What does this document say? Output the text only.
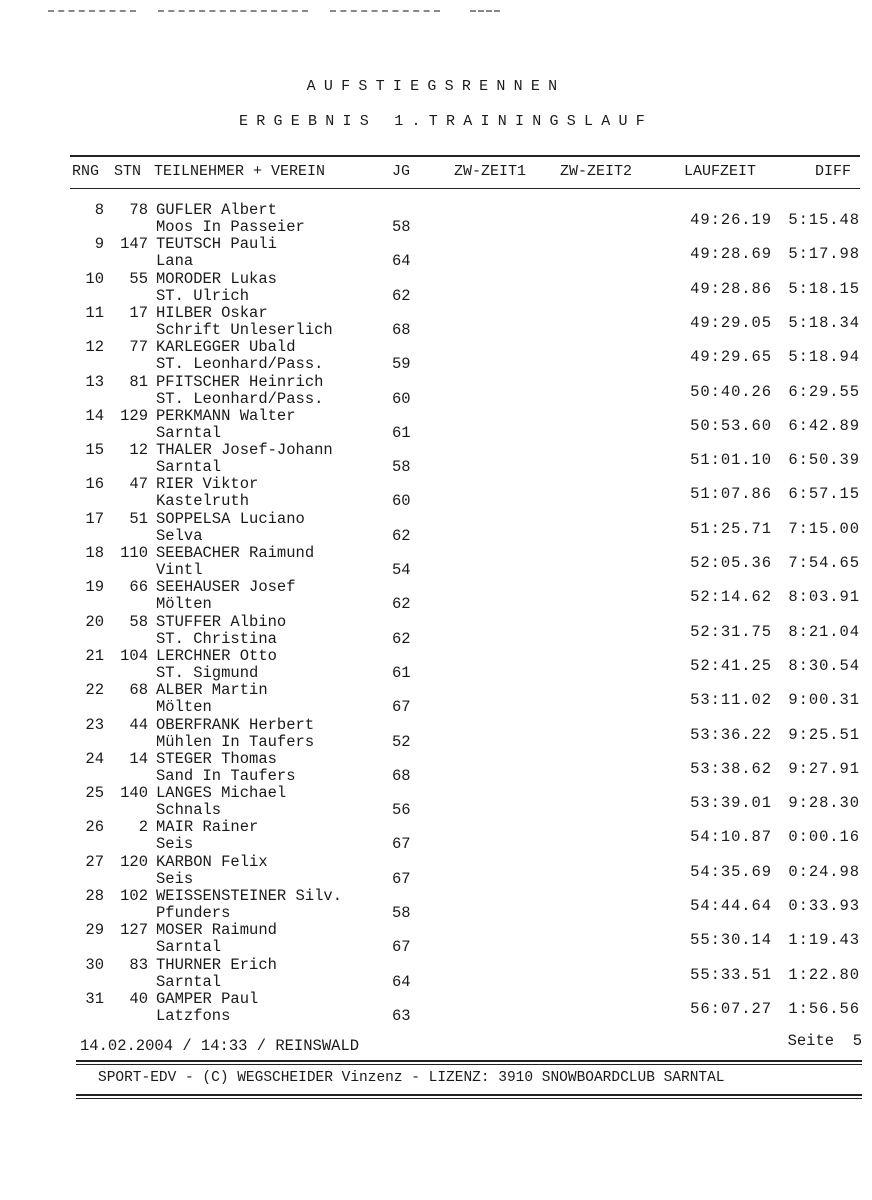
AUFSTIEGSRENNEN
ERGEBNIS 1.TRAININGSLAUF
RNG STN TEILNEHMER + VEREIN	JG	ZW-ZEIT1 ZW-ZEIT2	LAUFZEIT	DIFF
8	78 GUFLER Albert
Moos In Passeier	58	49:26.19	5:15.48
9	147 TEUTSCH Pauli
Lana	64	49:28.69	5:17.98
10	55 MORODER Lukas
ST. Ulrich	62	49:28.86	5:18.15
11	17 HILBER Oskar
Schrift Unleserlich	68	49:29.05	5:18.34
12	77 KARLEGGER Ubald
ST. Leonhard/Pass.	59	49:29.65	5:18.94
13	81 PFITSCHER Heinrich
ST. Leonhard/Pass.	60	50:40.26	6:29.55
14	129 PERKMANN Walter
Sarntal	61	50:53.60	6:42.89
15	12 THALER Josef-Johann
Sarntal	58	51:01.10	6:50.39
16	47 RIER Viktor
Kastelruth	60	51:07.86	6:57.15
17	51 SOPPELSA Luciano
Selva	62	51:25.71	7:15.00
18	110 SEEBACHER Raimund
Vintl	54	52:05.36	7:54.65
19	66 SEEHAUSER Josef
Mölten	62	52:14.62	8:03.91
20	58 STUFFER Albino
ST. Christina	62	52:31.75	8:21.04
21	104 LERCHNER Otto
ST. Sigmund	61	52:41.25	8:30.54
22	68 ALBER Martin
Mölten	67	53:11.02	9:00.31
23	44 OBERFRANK Herbert
Mühlen In Taufers	52	53:36.22	9:25.51
24	14 STEGER Thomas
Sand In Taufers	68	53:38.62	9:27.91
25	140 LANGES Michael
Schnals	56	53:39.01	9:28.30
26	2 MAIR Rainer
Seis	67	54:10.87	0:00.16
27	120 KARBON Felix
Seis	67	54:35.69	0:24.98
28	102 WEISSENSTEINER Silv.
Pfunders	58	54:44.64	0:33.93
29	127 MOSER Raimund
Sarntal	67	55:30.14	1:19.43
30	83 THURNER Erich
Sarntal	64	55:33.51	1:22.80
31	40 GAMPER Paul
Latzfons	63	56:07.27	1:56.56
14.02.2004 / 14:33 / REINSWALD	Seite  5
SPORT-EDV - (C) WEGSCHEIDER Vinzenz - LIZENZ: 3910 SNOWBOARDCLUB SARNTAL
